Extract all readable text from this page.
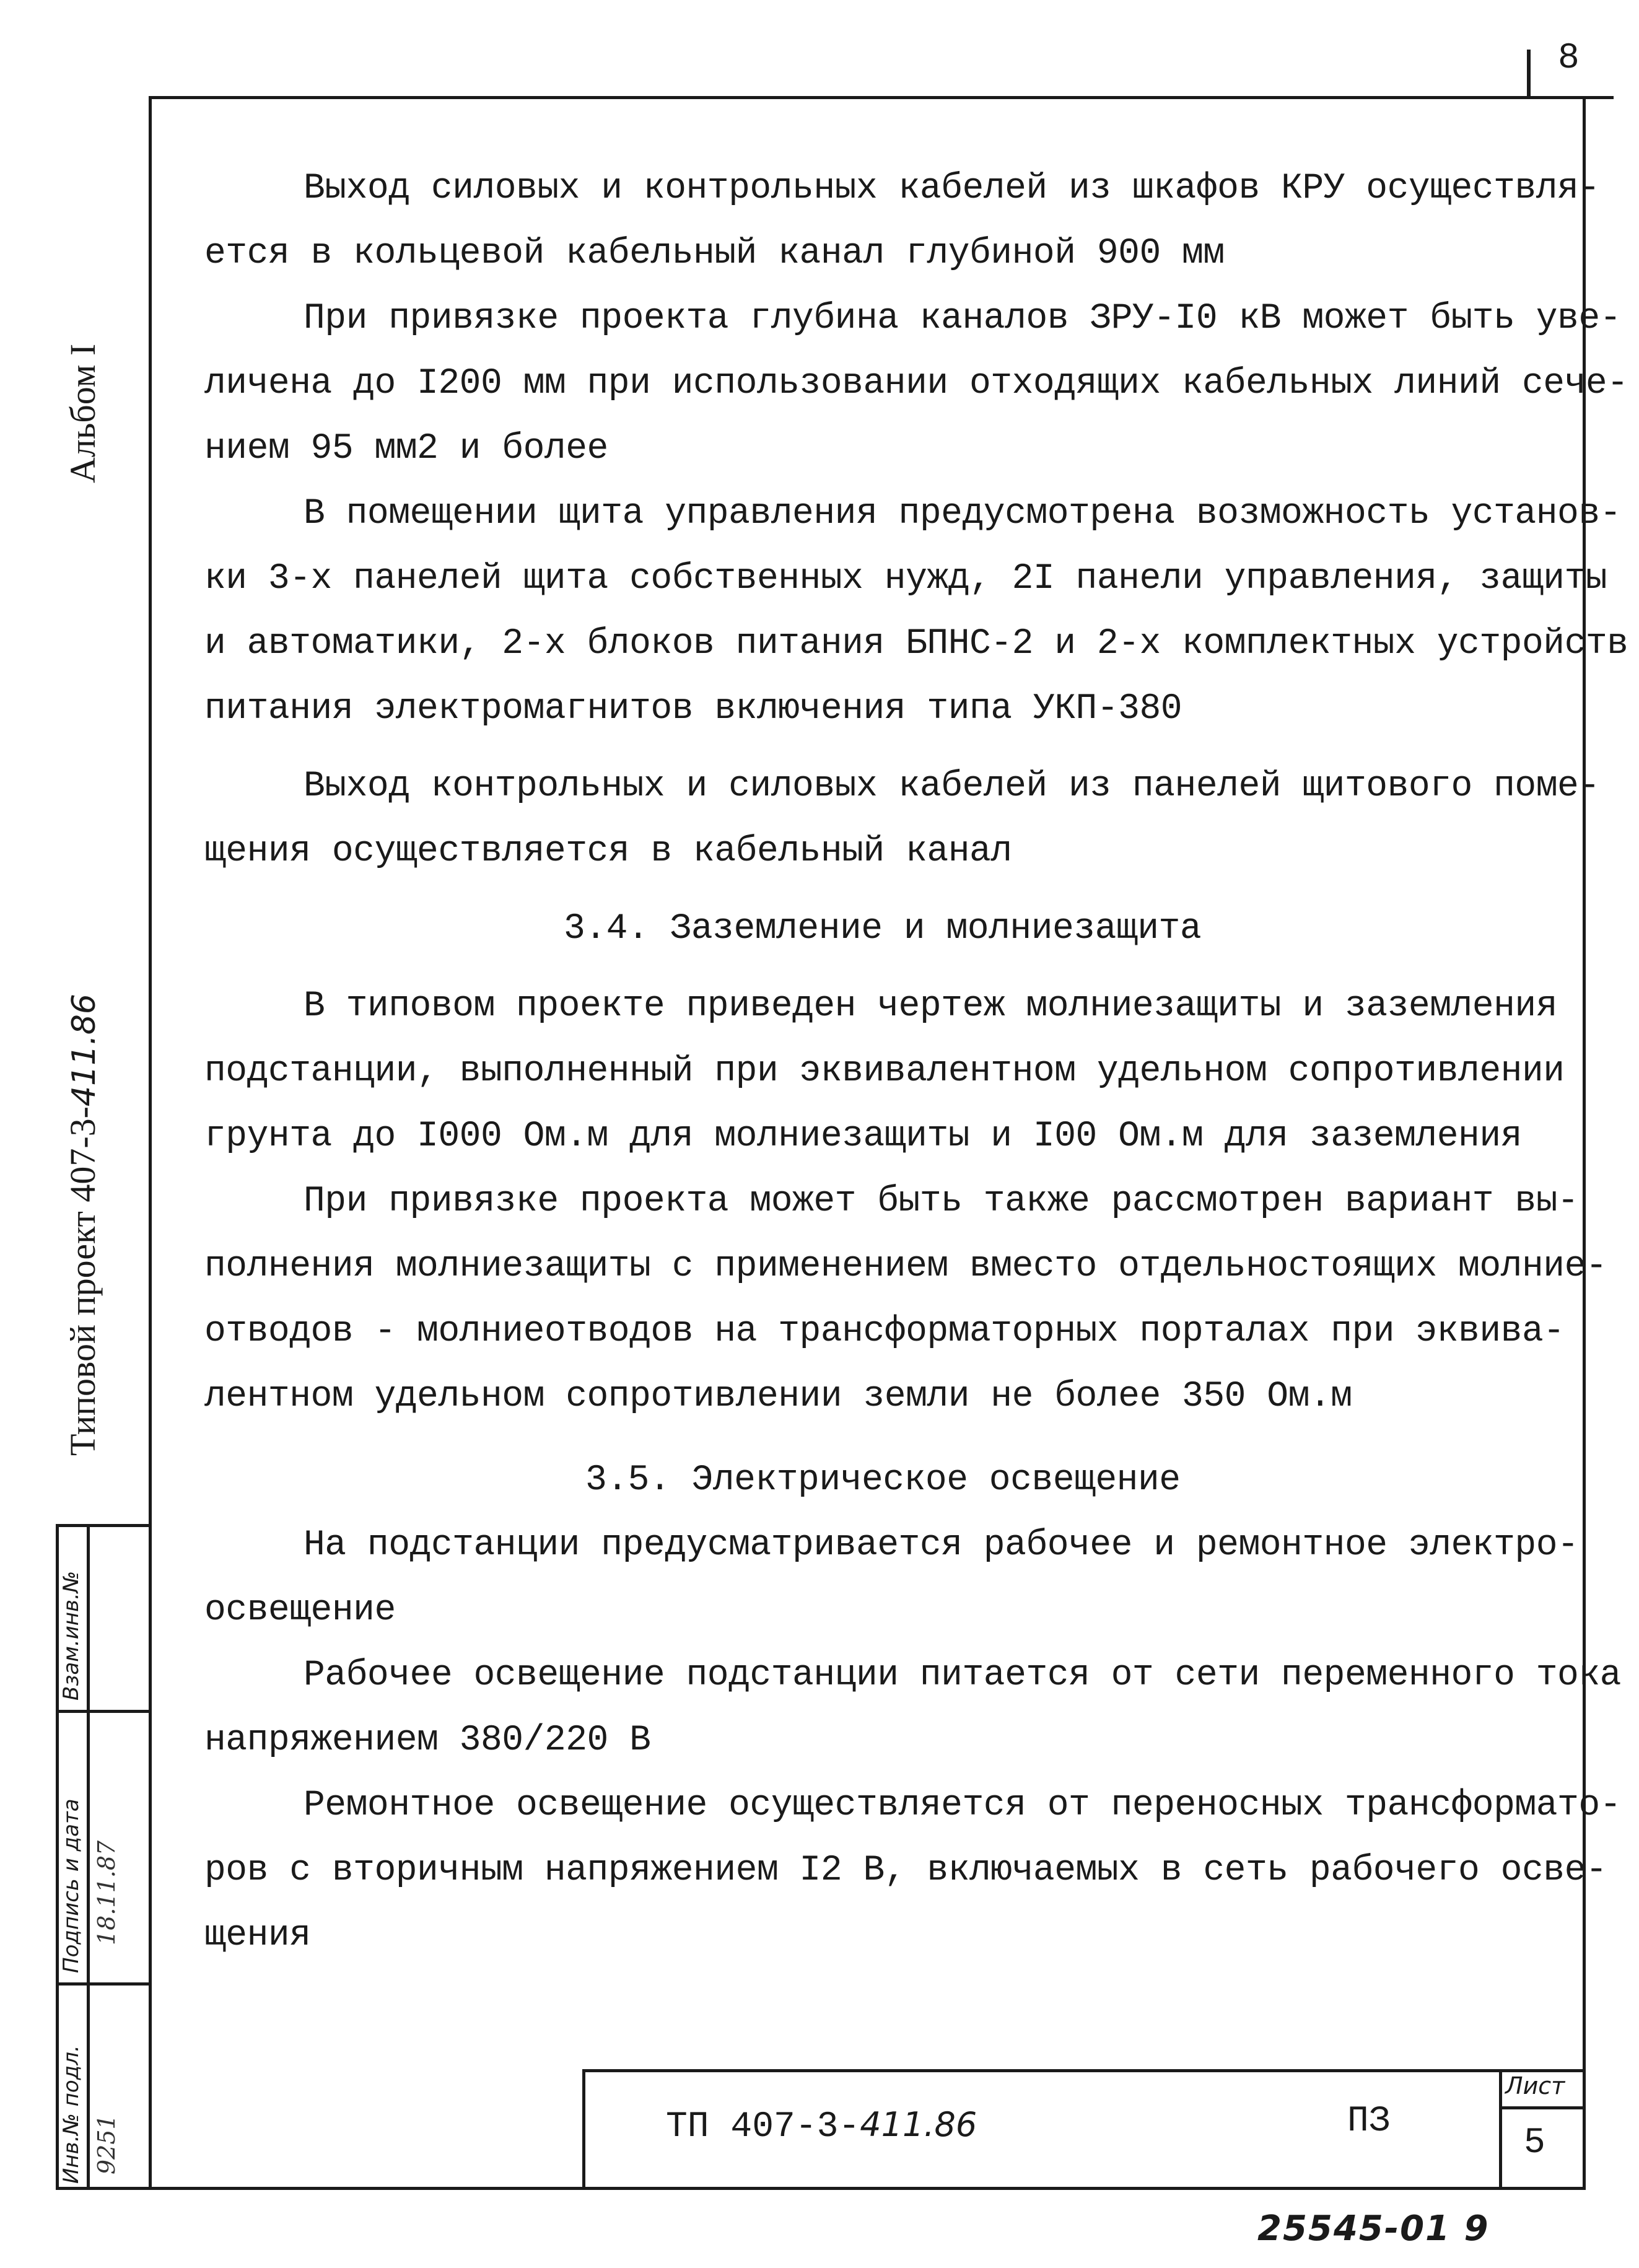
8
Альбом I
Типовой проект 407-3-411.86
Инв.№ подл. 9251
Подпись и дата 18.11.87
Взам.инв.№
Выход силовых и контрольных кабелей из шкафов КРУ осуществля-
ется в кольцевой кабельный канал глубиной 900 мм
При привязке проекта глубина каналов ЗРУ-I0 кВ может быть уве-
личена до I200 мм при использовании отходящих кабельных линий сече-
нием 95 мм2 и более
В помещении щита управления предусмотрена возможность установ-
ки 3-х панелей щита собственных нужд, 2I панели управления, защиты
и автоматики, 2-х блоков питания БПНС-2 и 2-х комплектных устройств
питания электромагнитов включения типа УКП-380
Выход контрольных и силовых кабелей из панелей щитового поме-
щения осуществляется в кабельный канал
3.4. Заземление и молниезащита
В типовом проекте приведен чертеж молниезащиты и заземления
подстанции, выполненный при эквивалентном удельном сопротивлении
грунта до I000 Ом.м для молниезащиты и I00 Ом.м для заземления
При привязке проекта может быть также рассмотрен вариант вы-
полнения молниезащиты с применением вместо отдельностоящих молние-
отводов - молниеотводов на трансформаторных порталах при эквива-
лентном удельном сопротивлении земли не более 350 Ом.м
3.5. Электрическое освещение
На подстанции предусматривается рабочее и ремонтное электро-
освещение
Рабочее освещение подстанции питается от сети переменного тока
напряжением 380/220 В
Ремонтное освещение осуществляется от переносных трансформато-
ров с вторичным напряжением I2 В, включаемых в сеть рабочего осве-
щения
ТП 407-3-411.86	ПЗ
Лист
5
25545-01 9
